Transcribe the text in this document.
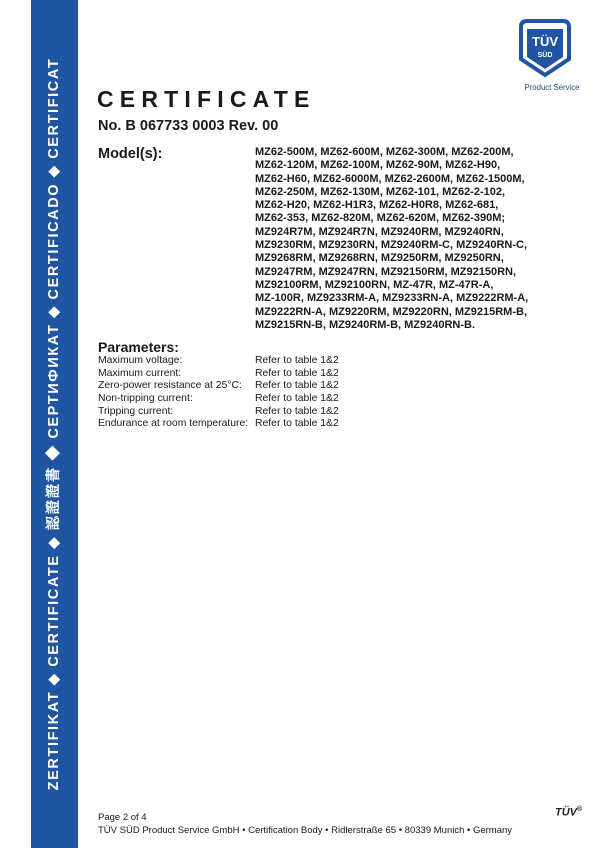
ZERTIFIKAT ◆ CERTIFICATE ◆ 認證證書 ◆ СЕРТИФИКАТ ◆ CERTIFICADO ◆ CERTIFICAT
TÜV
SÜD
Product Service
CERTIFICATE
No. B 067733 0003 Rev. 00
Model(s):	MZ62-500M, MZ62-600M, MZ62-300M, MZ62-200M,
MZ62-120M, MZ62-100M, MZ62-90M, MZ62-H90,
MZ62-H60, MZ62-6000M, MZ62-2600M, MZ62-1500M,
MZ62-250M, MZ62-130M, MZ62-101, MZ62-2-102,
MZ62-H20, MZ62-H1R3, MZ62-H0R8, MZ62-681,
MZ62-353, MZ62-820M, MZ62-620M, MZ62-390M;
MZ924R7M, MZ924R7N, MZ9240RM, MZ9240RN,
MZ9230RM, MZ9230RN, MZ9240RM-C, MZ9240RN-C,
MZ9268RM, MZ9268RN, MZ9250RM, MZ9250RN,
MZ9247RM, MZ9247RN, MZ92150RM, MZ92150RN,
MZ92100RM, MZ92100RN, MZ-47R, MZ-47R-A,
MZ-100R, MZ9233RM-A, MZ9233RN-A, MZ9222RM-A,
MZ9222RN-A, MZ9220RM, MZ9220RN, MZ9215RM-B,
MZ9215RN-B, MZ9240RM-B, MZ9240RN-B.
Parameters:
Maximum voltage:	Refer to table 1&2
Maximum current:	Refer to table 1&2
Zero-power resistance at 25°C: Refer to table 1&2
Non-tripping current:	Refer to table 1&2
Tripping current:	Refer to table 1&2
Endurance at room temperature: Refer to table 1&2
Page 2 of 4
TÜV SÜD Product Service GmbH • Certification Body • Ridlerstraße 65 • 80339 Munich • Germany
TÜV®
